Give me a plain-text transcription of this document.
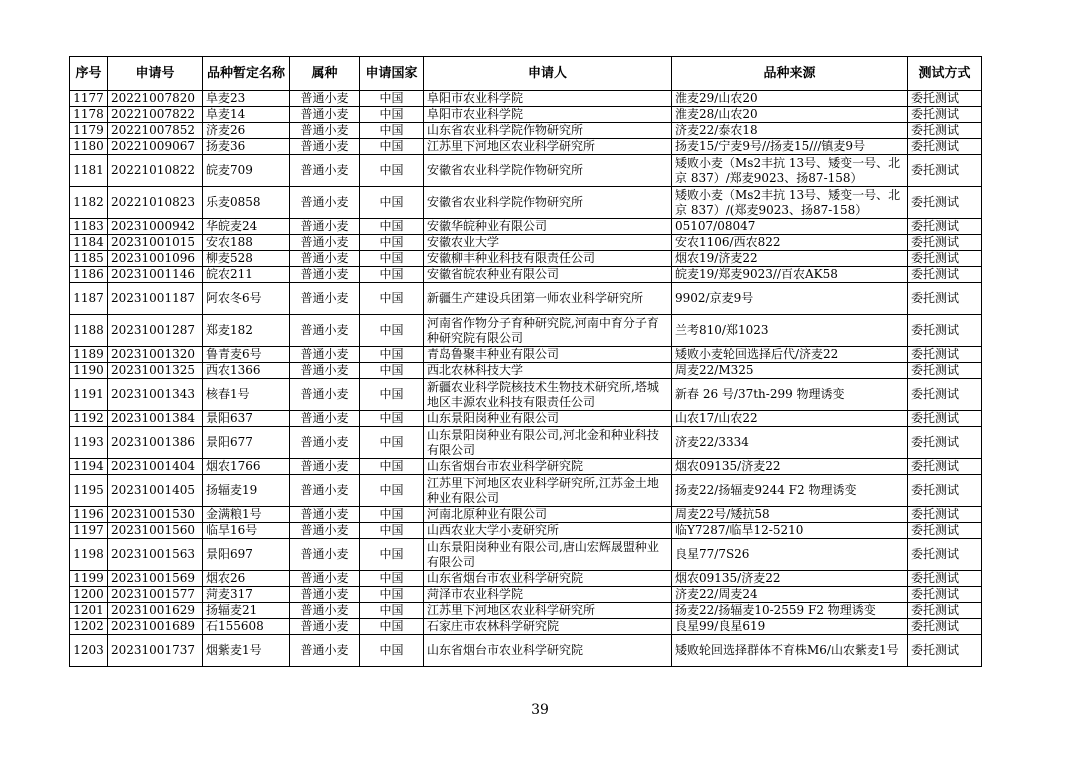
序号	申请号	品种暂定名称	属种	申请国家	申请人	品种来源	测试方式
1177	20221007820	阜麦23	普通小麦	中国	阜阳市农业科学院	淮麦29/山农20	委托测试
1178	20221007822	阜麦14	普通小麦	中国	阜阳市农业科学院	淮麦28/山农20	委托测试
1179	20221007852	济麦26	普通小麦	中国	山东省农业科学院作物研究所	济麦22/泰农18	委托测试
1180	20221009067	扬麦36	普通小麦	中国	江苏里下河地区农业科学研究所	扬麦15/宁麦9号//扬麦15///镇麦9号	委托测试
1181	20221010822	皖麦709	普通小麦	中国	安徽省农业科学院作物研究所	矮败小麦（Ms2丰抗 13号、矮变一号、北京 837）/郑麦9023、扬87-158）	委托测试
1182	20221010823	乐麦0858	普通小麦	中国	安徽省农业科学院作物研究所	矮败小麦（Ms2丰抗 13号、矮变一号、北京 837）/(郑麦9023、扬87-158）	委托测试
1183	20231000942	华皖麦24	普通小麦	中国	安徽华皖种业有限公司	05107/08047	委托测试
1184	20231001015	安农188	普通小麦	中国	安徽农业大学	安农1106/西农822	委托测试
1185	20231001096	柳麦528	普通小麦	中国	安徽柳丰种业科技有限责任公司	烟农19/济麦22	委托测试
1186	20231001146	皖农211	普通小麦	中国	安徽省皖农种业有限公司	皖麦19/郑麦9023//百农AK58	委托测试
1187	20231001187	阿农冬6号	普通小麦	中国	新疆生产建设兵团第一师农业科学研究所	9902/京麦9号	委托测试
1188	20231001287	郑麦182	普通小麦	中国	河南省作物分子育种研究院,河南中育分子育种研究院有限公司	兰考810/郑1023	委托测试
1189	20231001320	鲁青麦6号	普通小麦	中国	青岛鲁聚丰种业有限公司	矮败小麦轮回选择后代/济麦22	委托测试
1190	20231001325	西农1366	普通小麦	中国	西北农林科技大学	周麦22/M325	委托测试
1191	20231001343	核春1号	普通小麦	中国	新疆农业科学院核技术生物技术研究所,塔城地区丰源农业科技有限责任公司	新春 26 号/37th-299 物理诱变	委托测试
1192	20231001384	景阳637	普通小麦	中国	山东景阳岗种业有限公司	山农17/山农22	委托测试
1193	20231001386	景阳677	普通小麦	中国	山东景阳岗种业有限公司,河北金和种业科技有限公司	济麦22/3334	委托测试
1194	20231001404	烟农1766	普通小麦	中国	山东省烟台市农业科学研究院	烟农09135/济麦22	委托测试
1195	20231001405	扬辐麦19	普通小麦	中国	江苏里下河地区农业科学研究所,江苏金土地种业有限公司	扬麦22/扬辐麦9244 F2 物理诱变	委托测试
1196	20231001530	金满粮1号	普通小麦	中国	河南北原种业有限公司	周麦22号/矮抗58	委托测试
1197	20231001560	临旱16号	普通小麦	中国	山西农业大学小麦研究所	临Y7287/临旱12-5210	委托测试
1198	20231001563	景阳697	普通小麦	中国	山东景阳岗种业有限公司,唐山宏辉晟盟种业有限公司	良星77/7S26	委托测试
1199	20231001569	烟农26	普通小麦	中国	山东省烟台市农业科学研究院	烟农09135/济麦22	委托测试
1200	20231001577	菏麦317	普通小麦	中国	菏泽市农业科学院	济麦22/周麦24	委托测试
1201	20231001629	扬辐麦21	普通小麦	中国	江苏里下河地区农业科学研究所	扬麦22/扬辐麦10-2559 F2 物理诱变	委托测试
1202	20231001689	石155608	普通小麦	中国	石家庄市农林科学研究院	良星99/良星619	委托测试
1203	20231001737	烟紫麦1号	普通小麦	中国	山东省烟台市农业科学研究院	矮败轮回选择群体不育株M6/山农紫麦1号	委托测试
39
